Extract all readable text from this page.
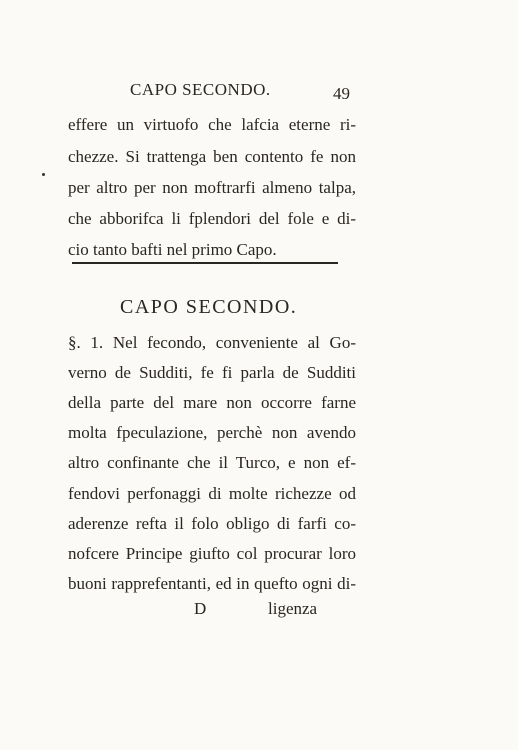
CAPO SECONDO.	49
effere un virtuofo che lafcia eterne ri-
chezze. Si trattenga ben contento fe non
per altro per non moftrarfi almeno talpa,
che abborifca li fplendori del fole e di-
cio tanto bafti nel primo Capo.
CAPO SECONDO.
§. 1. Nel fecondo, conveniente al Go-
verno de Sudditi, fe fi parla de Sudditi
della parte del mare non occorre farne
molta fpeculazione, perchè non avendo
altro confinante che il Turco, e non ef-
fendovi perfonaggi di molte richezze od
aderenze refta il folo obligo di farfi co-
nofcere Principe giufto col procurar loro
buoni rapprefentanti, ed in quefto ogni di-
D	ligenza
